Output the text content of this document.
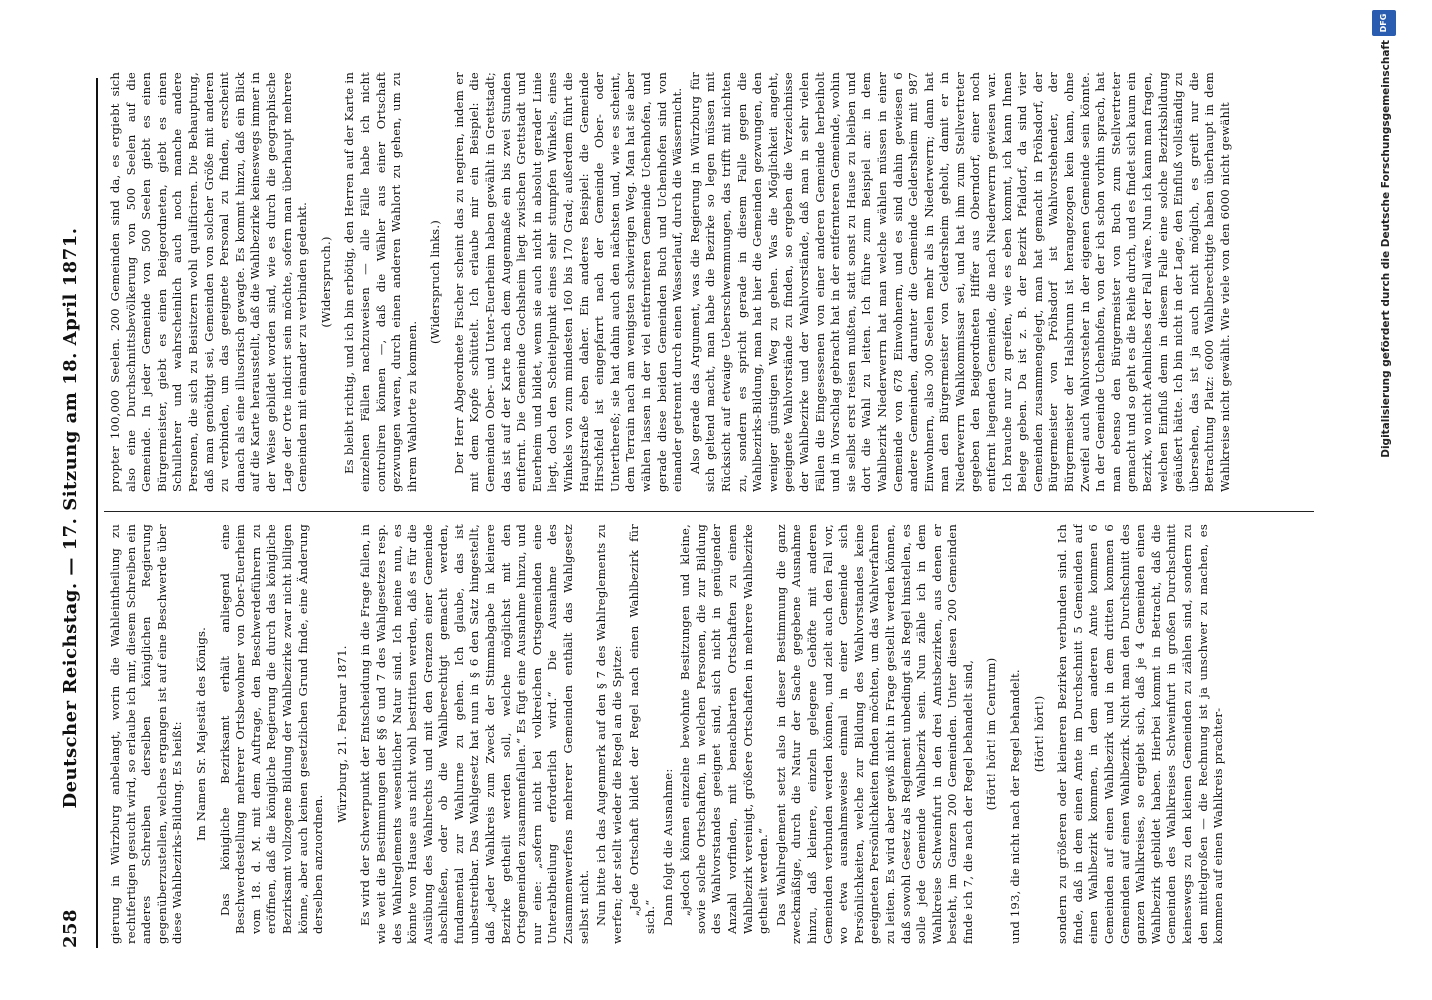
258
Deutscher Reichstag. — 17. Sitzung am 18. April 1871. gierung in Würzburg anbelangt, worin die Wahleintheilung zu rechtfertigen gesucht wird, so erlaube ich mir, diesem Schreiben ein anderes Schreiben derselben königlichen Regierung gegenüberzustellen, welches ergangen ist auf eine Beschwerde über diese Wahlbezirks-Bildung. Es heißt: Im Namen Sr. Majestät des Königs. Das königliche Bezirksamt erhält anliegend eine Beschwerdestellung mehrerer Ortsbewohner von Ober-Euerheim vom 18. d. M. mit dem Auftrage, den Beschwerdeführern zu eröffnen, daß die königliche Regierung die durch das königliche Bezirksamt vollzogene Bildung der Wahlbezirke zwar nicht billigen könne, aber auch keinen gesetzlichen Grund finde, eine Änderung derselben anzuordnen.

Würzburg, 21. Februar 1871. Es wird der Schwerpunkt der Entscheidung in die Frage fallen, in wie weit die Bestimmungen der §§ 6 und 7 des Wahlgesetzes resp. des Wahlreglements wesentlicher Natur sind. Ich meine nun, es könnte von Hause aus nicht wohl bestritten werden, daß es für die Ausübung des Wahlrechts und mit den Grenzen einer Gemeinde abschließen, oder ob die Wahlberechtigt gemacht werden, fundamental zur Wahlurne zu gehen. Ich glaube, das ist unbestreitbar. Das Wahlgesetz hat nun in § 6 den Satz hingestellt, daß „jeder Wahlkreis zum Zweck der Stimmabgabe in kleinere Bezirke getheilt werden soll, welche möglichst mit den Ortsgemeinden zusammenfallen.“ Es fügt eine Ausnahme hinzu, und nur eine: „sofern nicht bei volkreichen Ortsgemeinden eine Unterabtheilung erforderlich wird.“ Die Ausnahme des Zusammenwerfens mehrerer Gemeinden enthält das Wahlgesetz selbst nicht. Nun bitte ich das Augenmerk auf den § 7 des Wahlreglements zu werfen; der stellt wieder die Regel an die Spitze: „Jede Ortschaft bildet der Regel nach einen Wahlbezirk für sich.“ Dann folgt die Ausnahme: „jedoch können einzelne bewohnte Besitzungen und kleine, sowie solche Ortschaften, in welchen Personen, die zur Bildung des Wahlvorstandes geeignet sind, sich nicht in genügender Anzahl vorfinden, mit benachbarten Ortschaften zu einem Wahlbezirk vereinigt, größere Ortschaften in mehrere Wahlbezirke getheilt werden.“ Das Wahlreglement setzt also in dieser Bestimmung die ganz zweckmäßige, durch die Natur der Sache gegebene Ausnahme hinzu, daß kleinere, einzeln gelegene Gehöfte mit anderen Gemeinden verbunden werden können, und zielt auch den Fall vor, wo etwa ausnahmsweise einmal in einer Gemeinde sich Persönlichkeiten, welche zur Bildung des Wahlvorstandes keine geeigneten Persönlichkeiten finden möchten, um das Wahlverfahren zu leiten. Es wird aber gewiß nicht in Frage gestellt werden können, daß sowohl Gesetz als Reglement unbedingt als Regel hinstellen, es solle jede Gemeinde Wahlbezirk sein. Nun zähle ich in dem Wahlkreise Schweinfurt in den drei Amtsbezirken, aus denen er besteht, im Ganzen 200 Gemeinden. Unter diesen 200 Gemeinden finde ich 7, die nach der Regel behandelt sind, (Hört! hört! im Centrum) und 193, die nicht nach der Regel behandelt. (Hört! hört!) sondern zu größeren oder kleineren Bezirken verbunden sind. Ich finde, daß in dem einen Amte im Durchschnitt 5 Gemeinden auf einen Wahlbezirk kommen, in dem anderen Amte kommen 6 Gemeinden auf einen Wahlbezirk und in dem dritten kommen 6 Gemeinden auf einen Wahlbezirk. Nicht man den Durchschnitt des ganzen Wahlkreises, so ergiebt sich, daß je 4 Gemeinden einen Wahlbezirk gebildet haben. Hierbei kommt in Betracht, daß die Gemeinden des Wahlkreises Schweinfurt in großen Durchschnitt keineswegs zu den kleinen Gemeinden zu zählen sind, sondern zu den mittelgroßen — die Rechnung ist ja unschwer zu machen, es kommen auf einen Wahlkreis prachter-

propter 100,000 Seelen. 200 Gemeinden sind da, es ergiebt sich also eine Durchschnittsbevölkerung von 500 Seelen auf die Gemeinde. In jeder Gemeinde von 500 Seelen giebt es einen Bürgermeister, giebt es einen Beigeordneten, giebt es einen Schullehrer und wahrscheinlich auch noch manche andere Personen, die sich zu Beisitzern wohl qualificiren. Die Behauptung, daß man genöthigt sei, Gemeinden von solcher Größe mit anderen zu verbinden, um das geeignete Personal zu finden, erscheint danach als eine illusorisch gewagte. Es kommt hinzu, daß ein Blick auf die Karte herausstellt, daß die Wahlbezirke keineswegs immer in der Weise gebildet worden sind, wie es durch die geographische Lage der Orte indicirt sein möchte, sofern man überhaupt mehrere Gemeinden mit einander zu verbinden gedenkt. (Widerspruch.) Es bleibt richtig, und ich bin erbötig, den Herren auf der Karte in einzelnen Fällen nachzuweisen — alle Fälle habe ich nicht controliren können —, daß die Wähler aus einer Ortschaft gezwungen waren, durch einen anderen Wahlort zu gehen, um zu ihrem Wahlorte zu kommen.

(Widerspruch links.) Der Herr Abgeordnete Fischer scheint das zu negiren, indem er mit dem Kopfe schüttelt. Ich erlaube mir ein Beispiel: die Gemeinden Ober- und Unter-Euerheim haben gewählt in Grettstadt; das ist auf der Karte nach dem Augenmaße ein bis zwei Stunden entfernt. Die Gemeinde Gochsheim liegt zwischen Grettstadt und Euerheim und bildet, wenn sie auch nicht in absolut gerader Linie liegt, doch den Scheitelpunkt eines sehr stumpfen Winkels, eines Winkels von zum mindesten 160 bis 170 Grad; außerdem führt die Hauptstraße eben daher. Ein anderes Beispiel: die Gemeinde Hirschfeld ist eingepfarrt nach der Gemeinde Ober- oder Unterthereß; sie hat dahin auch den nächsten und, wie es scheint, dem Terrain nach am wenigsten schwierigen Weg. Man hat sie aber wählen lassen in der viel entfernteren Gemeinde Uchenhofen, und gerade diese beiden Gemeinden Buch und Uchenhofen sind von einander getrennt durch einen Wasserlauf, durch die Wässernicht. Also gerade das Argument, was die Regierung in Würzburg für sich geltend macht, man habe die Bezirke so legen müssen mit Rücksicht auf etwaige Ueberschwemmungen, das trifft mit nichten zu, sondern es spricht gerade in diesem Falle gegen die Wahlbezirks-Bildung, man hat hier die Gemeinden gezwungen, den weniger günstigen Weg zu gehen. Was die Möglichkeit angeht, geeignete Wahlvorstände zu finden, so ergeben die Verzeichnisse der Wahlbezirke und der Wahlvorstände, daß man in sehr vielen Fällen die Eingesessenen von einer anderen Gemeinde herbeiholt und in Vorschlag gebracht hat in der entfernteren Gemeinde, wohin sie selbst erst reisen mußten, statt sonst zu Hause zu bleiben und dort die Wahl zu leiten. Ich führe zum Beispiel an: in dem Wahlbezirk Niederwerrn hat man welche wählen müssen in einer Gemeinde von 678 Einwohnern, und es sind dahin gewiesen 6 andere Gemeinden, darunter die Gemeinde Geldersheim mit 987 Einwohnern, also 300 Seelen mehr als in Niederwerrn; dann hat man den Bürgermeister von Geldersheim geholt, damit er in Niederwerrn Wahlkommissar sei, und hat ihm zum Stellvertreter gegeben den Beigeordneten Hiffer aus Oberndorf, einer noch entfernt liegenden Gemeinde, die nach Niederwerrn gewiesen war. Ich brauche nur zu greifen, wie es eben kommt, ich kann Ihnen Belege geben. Da ist z. B. der Bezirk Pfaldorf, da sind vier Gemeinden zusammengelegt, man hat gemacht in Pröhsdorf, der Bürgermeister von Pröhsdorf ist Wahlvorstehender, der Bürgermeister der Halsbrunn ist herangezogen kein kann, ohne Zweifel auch Wahlvorsteher in der eigenen Gemeinde sein könnte. In der Gemeinde Uchenhofen, von der ich schon vorhin sprach, hat man ebenso den Bürgermeister von Buch zum Stellvertreter gemacht und so geht es die Reihe durch, und es findet sich kaum ein Bezirk, wo nicht Aehnliches der Fall wäre. Nun ich kann man fragen, welchen Einfluß denn in diesem Falle eine solche Bezirksbildung geäußert hätte. Ich bin nicht in der Lage, den Einfluß vollständig zu übersehen, das ist ja auch nicht möglich, es greift nur die Betrachtung Platz: 6000 Wahlberechtigte haben überhaupt in dem Wahlkreise nicht gewählt. Wie viele von den 6000 nicht gewählt	Digitalisierung gefördert durch die Deutsche Forschungsgemeinschaft
DFG
